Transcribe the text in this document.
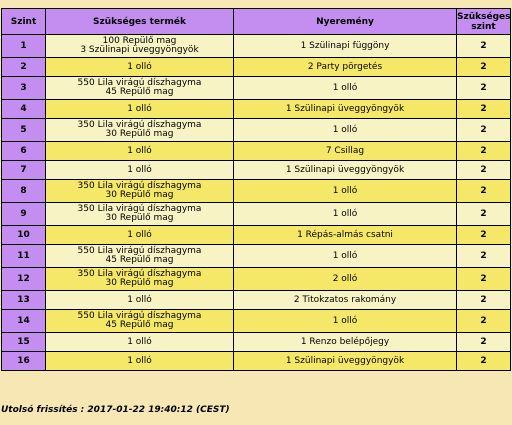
Szint	Szükséges termék	Nyeremény	Szükséges
szint

1	100 Repülő mag
3 Szülinapi üveggyöngyök	1 Szülinapi függöny	2
2	1 olló	2 Party pörgetés	2
3	550 Lila virágú díszhagyma
45 Repülő mag	1 olló	2
4	1 olló	1 Szülinapi üveggyöngyök	2
5	350 Lila virágú díszhagyma
30 Repülő mag	1 olló	2
6	1 olló	7 Csillag	2
7	1 olló	1 Szülinapi üveggyöngyök	2
8	350 Lila virágú díszhagyma
30 Repülő mag	1 olló	2
9	350 Lila virágú díszhagyma
30 Repülő mag	1 olló	2
10	1 olló	1 Répás-almás csatni	2
11	550 Lila virágú díszhagyma
45 Repülő mag	1 olló	2
12	350 Lila virágú díszhagyma
30 Repülő mag	2 olló	2
13	1 olló	2 Titokzatos rakomány	2
14	550 Lila virágú díszhagyma
45 Repülő mag	1 olló	2
15	1 olló	1 Renzo belépőjegy	2
16	1 olló	1 Szülinapi üveggyöngyök	2
Utolsó frissítés : 2017-01-22 19:40:12 (CEST)
